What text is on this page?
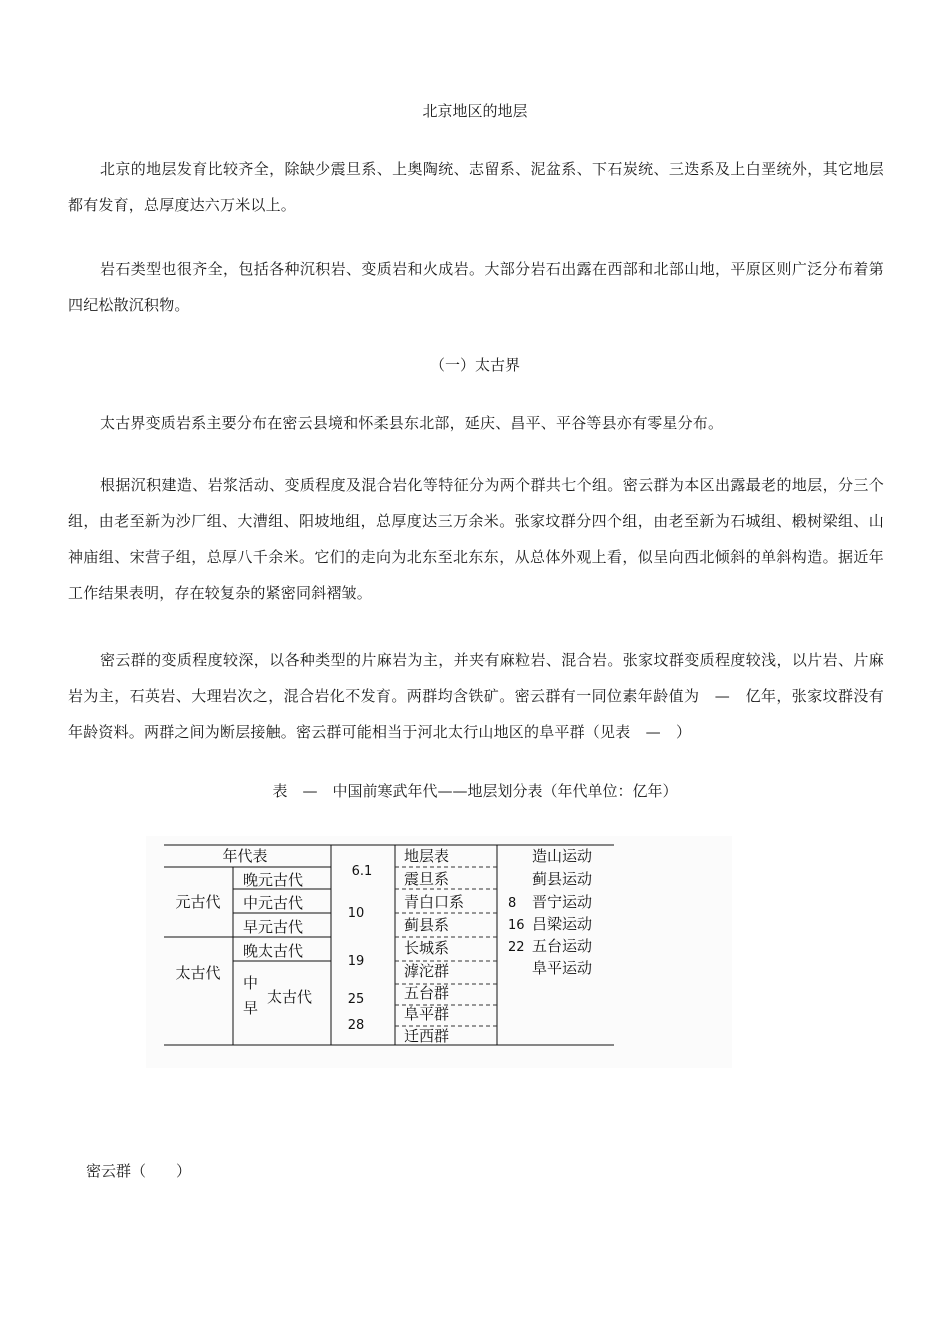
北京地区的地层
北京的地层发育比较齐全，除缺少震旦系、上奥陶统、志留系、泥盆系、下石炭统、三迭系及上白垩统外，其它地层都有发育，总厚度达六万米以上。
岩石类型也很齐全，包括各种沉积岩、变质岩和火成岩。大部分岩石出露在西部和北部山地，平原区则广泛分布着第四纪松散沉积物。
（一）太古界
太古界变质岩系主要分布在密云县境和怀柔县东北部，延庆、昌平、平谷等县亦有零星分布。
根据沉积建造、岩浆活动、变质程度及混合岩化等特征分为两个群共七个组。密云群为本区出露最老的地层，分三个组，由老至新为沙厂组、大漕组、阳坡地组，总厚度达三万余米。张家坟群分四个组，由老至新为石城组、椴树梁组、山神庙组、宋营子组，总厚八千余米。它们的走向为北东至北东东，从总体外观上看，似呈向西北倾斜的单斜构造。据近年工作结果表明，存在较复杂的紧密同斜褶皱。
密云群的变质程度较深，以各种类型的片麻岩为主，并夹有麻粒岩、混合岩。张家坟群变质程度较浅，以片岩、片麻岩为主，石英岩、大理岩次之，混合岩化不发育。两群均含铁矿。密云群有一同位素年龄值为　—　亿年，张家坟群没有年龄资料。两群之间为断层接触。密云群可能相当于河北太行山地区的阜平群（见表　—　）
表　—　中国前寒武年代——地层划分表（年代单位：亿年）
年代表
元古代
太古代
晚元古代
中元古代
早元古代
晚太古代
中
早
太古代
6.1
10
19
25
28
地层表
震旦系
青白口系
蓟县系
长城系
滹沱群
五台群
阜平群
迁西群
8
16
22
造山运动
蓟县运动
晋宁运动
吕梁运动
五台运动
阜平运动
密云群（　　）
